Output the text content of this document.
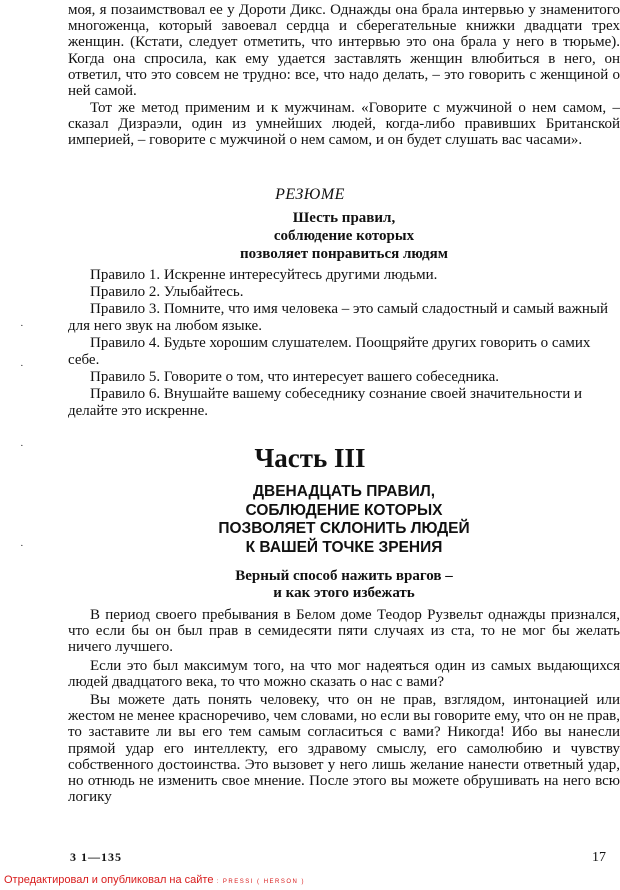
моя, я позаимствовал ее у Дороти Дикс. Однажды она брала интервью у знаменитого многоженца, который завоевал сердца и сберегательные книжки двадцати трех женщин. (Кстати, следует отметить, что интервью это она брала у него в тюрьме). Когда она спросила, как ему удается заставлять женщин влюбиться в него, он ответил, что это совсем не трудно: все, что надо делать, – это говорить с женщиной о ней самой.

Тот же метод применим и к мужчинам. «Говорите с мужчиной о нем самом, – сказал Дизраэли, один из умнейших людей, когда-либо правивших Британской империей, – говорите с мужчиной о нем самом, и он будет слушать вас часами».

РЕЗЮМЕ
Шесть правил,
соблюдение которых
позволяет понравиться людям

Правило 1. Искренне интересуйтесь другими людьми.

Правило 2. Улыбайтесь.

Правило 3. Помните, что имя человека – это самый сладостный и самый важный для него звук на любом языке.

Правило 4. Будьте хорошим слушателем. Поощряйте других говорить о самих себе.

Правило 5. Говорите о том, что интересует вашего собеседника.

Правило 6. Внушайте вашему собеседнику сознание своей значительности и делайте это искренне.

Часть III
ДВЕНАДЦАТЬ ПРАВИЛ,
СОБЛЮДЕНИЕ КОТОРЫХ
ПОЗВОЛЯЕТ СКЛОНИТЬ ЛЮДЕЙ
К ВАШЕЙ ТОЧКЕ ЗРЕНИЯ
Верный способ нажить врагов –
и как этого избежать

В период своего пребывания в Белом доме Теодор Рузвельт однажды признался, что если бы он был прав в семидесяти пяти случаях из ста, то не мог бы желать ничего лучшего.

Если это был максимум того, на что мог надеяться один из самых выдающихся людей двадцатого века, то что можно сказать о нас с вами?

Вы можете дать понять человеку, что он не прав, взглядом, интонацией или жестом не менее красноречиво, чем словами, но если вы говорите ему, что он не прав, то заставите ли вы его тем самым согласиться с вами? Никогда! Ибо вы нанесли прямой удар его интеллекту, его здравому смыслу, его самолюбию и чувству собственного достоинства. Это вызовет у него лишь желание нанести ответный удар, но отнюдь не изменить свое мнение. После этого вы можете обрушивать на него всю логику

·
·
·
·
3 1—135	17
Отредактировал и опубликовал на сайте : PRESSI ( HERSON )
